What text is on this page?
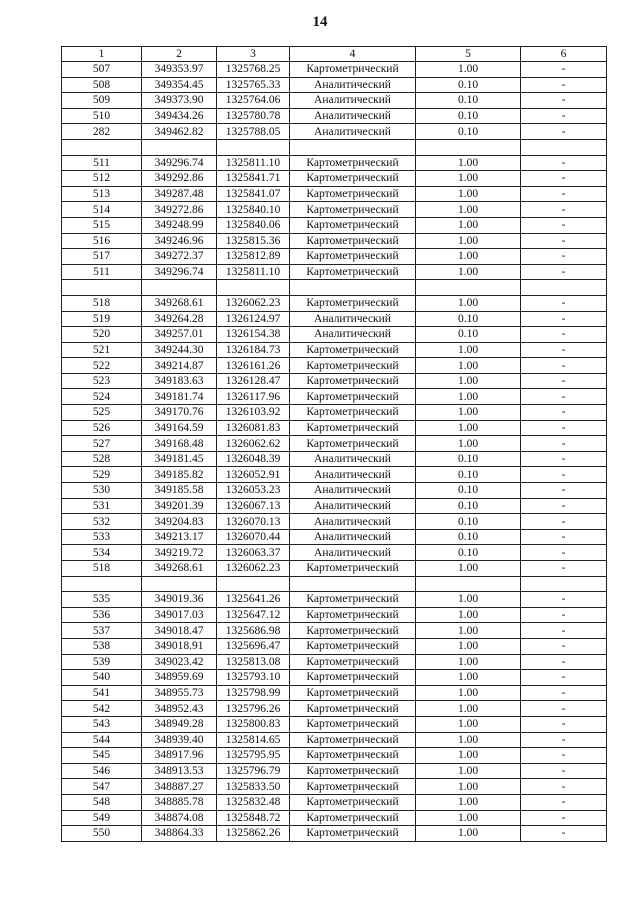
14
1	2	3	4	5	6
507	349353.97	1325768.25	Картометрический	1.00	-
508	349354.45	1325765.33	Аналитический	0.10	-
509	349373.90	1325764.06	Аналитический	0.10	-
510	349434.26	1325780.78	Аналитический	0.10	-
282	349462.82	1325788.05	Аналитический	0.10	-

511	349296.74	1325811.10	Картометрический	1.00	-
512	349292.86	1325841.71	Картометрический	1.00	-
513	349287.48	1325841.07	Картометрический	1.00	-
514	349272.86	1325840.10	Картометрический	1.00	-
515	349248.99	1325840.06	Картометрический	1.00	-
516	349246.96	1325815.36	Картометрический	1.00	-
517	349272.37	1325812.89	Картометрический	1.00	-
511	349296.74	1325811.10	Картометрический	1.00	-

518	349268.61	1326062.23	Картометрический	1.00	-
519	349264.28	1326124.97	Аналитический	0.10	-
520	349257.01	1326154.38	Аналитический	0.10	-
521	349244.30	1326184.73	Картометрический	1.00	-
522	349214.87	1326161.26	Картометрический	1.00	-
523	349183.63	1326128.47	Картометрический	1.00	-
524	349181.74	1326117.96	Картометрический	1.00	-
525	349170.76	1326103.92	Картометрический	1.00	-
526	349164.59	1326081.83	Картометрический	1.00	-
527	349168.48	1326062.62	Картометрический	1.00	-
528	349181.45	1326048.39	Аналитический	0.10	-
529	349185.82	1326052.91	Аналитический	0.10	-
530	349185.58	1326053.23	Аналитический	0.10	-
531	349201.39	1326067.13	Аналитический	0.10	-
532	349204.83	1326070.13	Аналитический	0.10	-
533	349213.17	1326070.44	Аналитический	0.10	-
534	349219.72	1326063.37	Аналитический	0.10	-
518	349268.61	1326062.23	Картометрический	1.00	-

535	349019.36	1325641.26	Картометрический	1.00	-
536	349017.03	1325647.12	Картометрический	1.00	-
537	349018.47	1325686.98	Картометрический	1.00	-
538	349018.91	1325696.47	Картометрический	1.00	-
539	349023.42	1325813.08	Картометрический	1.00	-
540	348959.69	1325793.10	Картометрический	1.00	-
541	348955.73	1325798.99	Картометрический	1.00	-
542	348952.43	1325796.26	Картометрический	1.00	-
543	348949.28	1325800.83	Картометрический	1.00	-
544	348939.40	1325814.65	Картометрический	1.00	-
545	348917.96	1325795.95	Картометрический	1.00	-
546	348913.53	1325796.79	Картометрический	1.00	-
547	348887.27	1325833.50	Картометрический	1.00	-
548	348885.78	1325832.48	Картометрический	1.00	-
549	348874.08	1325848.72	Картометрический	1.00	-
550	348864.33	1325862.26	Картометрический	1.00	-
